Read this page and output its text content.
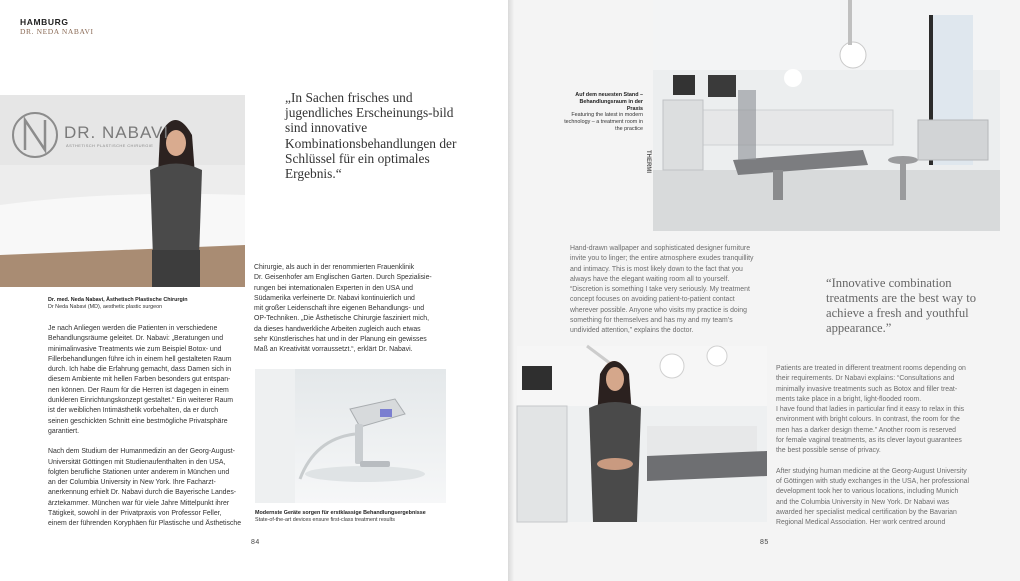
HAMBURG
DR. NEDA NABAVI
DR. NABAVI
ÄSTHETISCH PLASTISCHE CHIRURGIE
„In Sachen frisches und jugendliches Erscheinungs-bild sind innovative Kombinationsbehandlungen der Schlüssel für ein optimales Ergebnis.“
Dr. med. Neda Nabavi, Ästhetisch Plastische Chirurgin
Dr Neda Nabavi (MD), aesthetic plastic surgeon

Je nach Anliegen werden die Patienten in verschiedene
Behandlungsräume geleitet. Dr. Nabavi: „Beratungen und
minimalinvasive Treatments wie zum Beispiel Botox- und
Fillerbehandlungen führe ich in einem hell gestalteten Raum
durch. Ich habe die Erfahrung gemacht, dass Damen sich in
diesem Ambiente mit hellen Farben besonders gut entspan-
nen können. Der Raum für die Herren ist dagegen in einem
dunkleren Einrichtungskonzept gestaltet.“ Ein weiterer Raum
ist der weiblichen Intimästhetik vorbehalten, da er durch
seinen geschickten Schnitt eine bestmögliche Privatsphäre
garantiert.

Nach dem Studium der Humanmedizin an der Georg-August-
Universität Göttingen mit Studienaufenthalten in den USA,
folgten berufliche Stationen unter anderem in München und
an der Columbia University in New York. Ihre Facharzt-
anerkennung erhielt Dr. Nabavi durch die Bayerische Landes-
ärztekammer. München war für viele Jahre Mittelpunkt ihrer
Tätigkeit, sowohl in der Privatpraxis von Professor Feller,
einem der führenden Koryphäen für Plastische und Ästhetische

Chirurgie, als auch in der renommierten Frauenklinik
Dr. Geisenhofer am Englischen Garten. Durch Spezialisie-
rungen bei internationalen Experten in den USA und
Südamerika verfeinerte Dr. Nabavi kontinuierlich und
mit großer Leidenschaft ihre eigenen Behandlungs- und
OP-Techniken. „Die Ästhetische Chirurgie fasziniert mich,
da dieses handwerkliche Arbeiten zugleich auch etwas
sehr Künstlerisches hat und in der Planung ein gewisses
Maß an Kreativität vorraussetzt.“, erklärt Dr. Nabavi.

Modernste Geräte sorgen für erstklassige Behandlungsergebnisse
State-of-the-art devices ensure first-class treatment results
84
THERMI
Auf dem neuesten Stand – Behandlungsraum in der Praxis
Featuring the latest in modern technology – a treatment room in the practice

Hand-drawn wallpaper and sophisticated designer furniture
invite you to linger; the entire atmosphere exudes tranquillity
and intimacy. This is most likely down to the fact that you
always have the elegant waiting room all to yourself.
“Discretion is something I take very seriously. My treatment
concept focuses on avoiding patient-to-patient contact
wherever possible. Anyone who visits my practice is doing
something for themselves and has my and my team’s
undivided attention,” explains the doctor.

“Innovative combination treatments are the best way to achieve a fresh and youthful appearance.”

Patients are treated in different treatment rooms depending on
their requirements. Dr Nabavi explains: “Consultations and
minimally invasive treatments such as Botox and filler treat-
ments take place in a bright, light-flooded room.
I have found that ladies in particular find it easy to relax in this
environment with bright colours. In contrast, the room for the
men has a darker design theme.” Another room is reserved
for female vaginal treatments, as its clever layout guarantees
the best possible sense of privacy.

After studying human medicine at the Georg-August University
of Göttingen with study exchanges in the USA, her professional
development took her to various locations, including Munich
and the Columbia University in New York. Dr Nabavi was
awarded her specialist medical certification by the Bavarian
Regional Medical Association. Her work centred around

85
